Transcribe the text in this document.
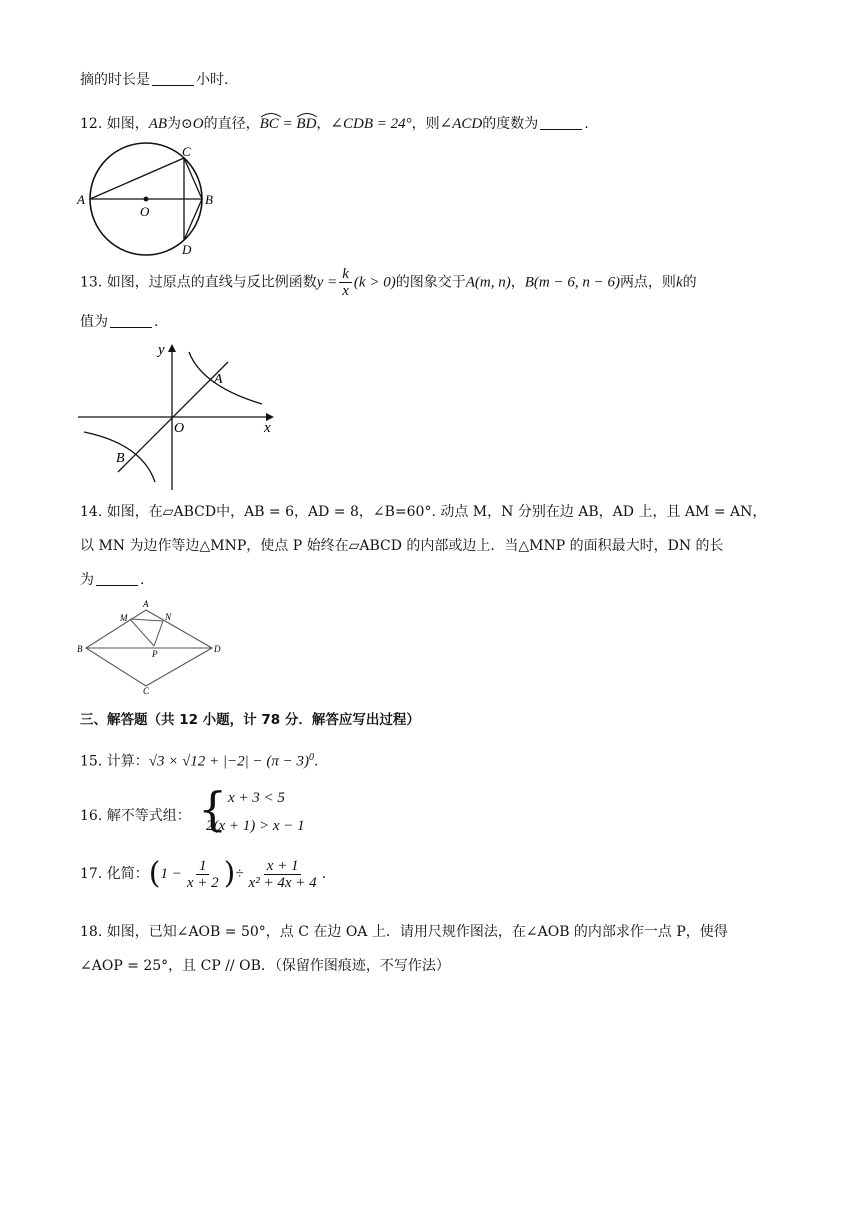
摘的时长是	小时.
12. 如图，AB为⊙O的直径，
BC =
BD，∠CDB = 24°，则∠ACD的度数为	.
A	B
C
D
O
13. 如图，过原点的直线与反比例函数$y = \frac{k}{x} (k > 0)$的图象交于A(m, n)，B(m − 6, n − 6)两点，则k的
值为	.
y
x
O
A
B
14. 如图，在▱ABCD中，AB = 6，AD = 8，∠B=60°. 动点 M，N 分别在边 AB，AD 上，且 AM = AN，
以 MN 为边作等边△MNP，使点 P 始终在▱ABCD 的内部或边上．当△MNP 的面积最大时，DN 的长
为	.
A
M	N
B	P	D
C
三、解答题（共 12 小题，计 78 分．解答应写出过程）
15. 计算：$√3 \times √12 + |-2| - (\pi - 3)^0$.
16. 解不等式组： { x + 3 < 5
2(x + 1) > x − 1
17. 化简：($1 - \frac{1}{x + 2}$ )÷ $\frac{x + 1}{\text{x² + 4x + 4}}$ .
18. 如图，已知∠AOB = 50°，点 C 在边 OA 上．请用尺规作图法，在∠AOB 的内部求作一点 P，使得
∠AOP = 25°，且 CP // OB．（保留作图痕迹，不写作法）
